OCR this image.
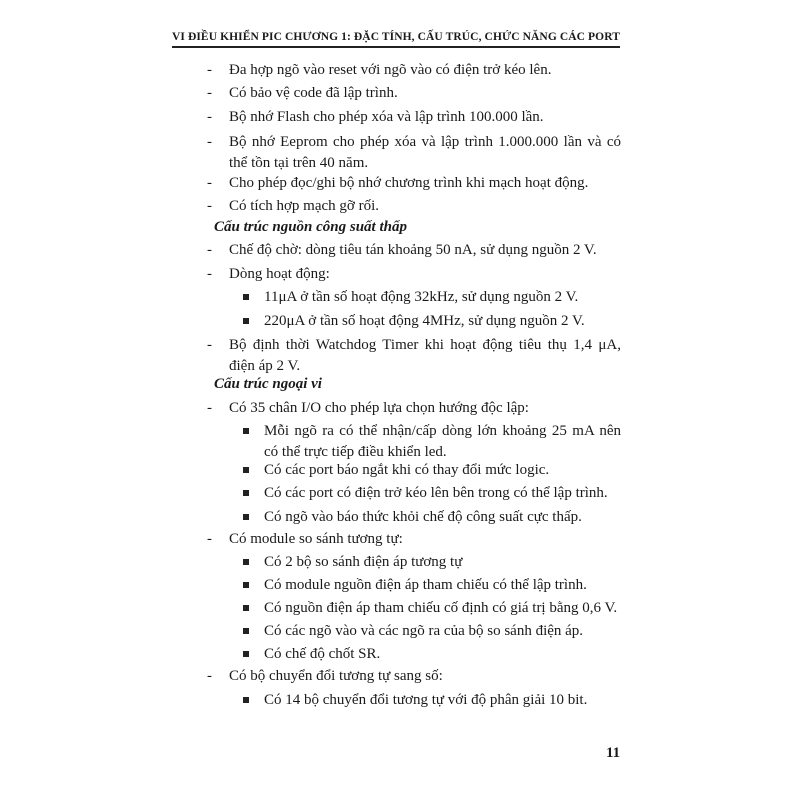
VI ĐIỀU KHIỂN PIC CHƯƠNG 1: ĐẶC TÍNH, CẤU TRÚC, CHỨC NĂNG CÁC PORT
-	Đa hợp ngõ vào reset với ngõ vào có điện trở kéo lên.
-	Có bảo vệ code đã lập trình.
-	Bộ nhớ Flash cho phép xóa và lập trình 100.000 lần.
-	Bộ nhớ Eeprom cho phép xóa và lập trình 1.000.000 lần và có thể tồn tại trên 40 năm.
-	Cho phép đọc/ghi bộ nhớ chương trình khi mạch hoạt động.
-	Có tích hợp mạch gỡ rối.
Cấu trúc nguồn công suất thấp
-	Chế độ chờ: dòng tiêu tán khoảng 50 nA, sử dụng nguồn 2 V.
-	Dòng hoạt động:
11μA ở tần số hoạt động 32kHz, sử dụng nguồn 2 V.
220μA ở tần số hoạt động 4MHz, sử dụng nguồn 2 V.
-	Bộ định thời Watchdog Timer khi hoạt động tiêu thụ 1,4 μA, điện áp 2 V.
Cấu trúc ngoại vi
-	Có 35 chân I/O cho phép lựa chọn hướng độc lập:
Mỗi ngõ ra có thể nhận/cấp dòng lớn khoảng 25 mA nên có thể trực tiếp điều khiển led.
Có các port báo ngắt khi có thay đổi mức logic.
Có các port có điện trở kéo lên bên trong có thể lập trình.
Có ngõ vào báo thức khỏi chế độ công suất cực thấp.
-	Có module so sánh tương tự:
Có 2 bộ so sánh điện áp tương tự
Có module nguồn điện áp tham chiếu có thể lập trình.
Có nguồn điện áp tham chiếu cố định có giá trị bằng 0,6 V.
Có các ngõ vào và các ngõ ra của bộ so sánh điện áp.
Có chế độ chốt SR.
-	Có bộ chuyển đổi tương tự sang số:
Có 14 bộ chuyển đổi tương tự với độ phân giải 10 bit.
11
